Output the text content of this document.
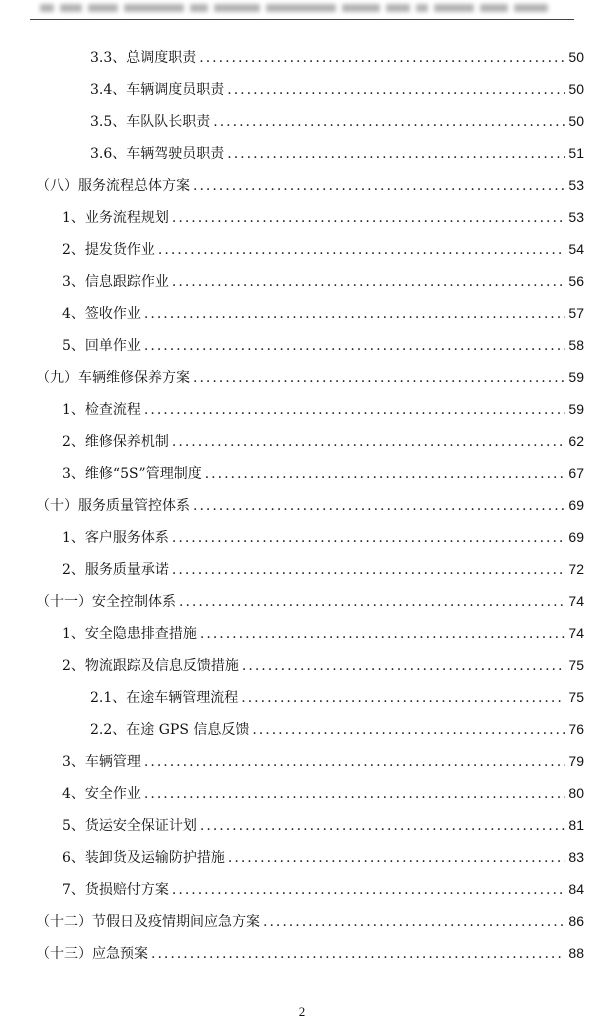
3.3、总调度职责 .....	50
3.4、车辆调度员职责 .....	50
3.5、车队队长职责 .....	50
3.6、车辆驾驶员职责 .....	51
（八）服务流程总体方案 .....	53
1、业务流程规划 .....	53
2、提发货作业 .....	54
3、信息跟踪作业 .....	56
4、签收作业 .....	57
5、回单作业 .....	58
（九）车辆维修保养方案 .....	59
1、检查流程 .....	59
2、维修保养机制 .....	62
3、维修“5S”管理制度 .....	67
（十）服务质量管控体系 .....	69
1、客户服务体系 .....	69
2、服务质量承诺 .....	72
（十一）安全控制体系 .....	74
1、安全隐患排查措施 .....	74
2、物流跟踪及信息反馈措施 .....	75
2.1、在途车辆管理流程 .....	75
2.2、在途 GPS 信息反馈 .....	76
3、车辆管理 .....	79
4、安全作业 .....	80
5、货运安全保证计划 .....	81
6、装卸货及运输防护措施 .....	83
7、货损赔付方案 .....	84
（十二）节假日及疫情期间应急方案 .....	86
（十三）应急预案 .....	88
2
